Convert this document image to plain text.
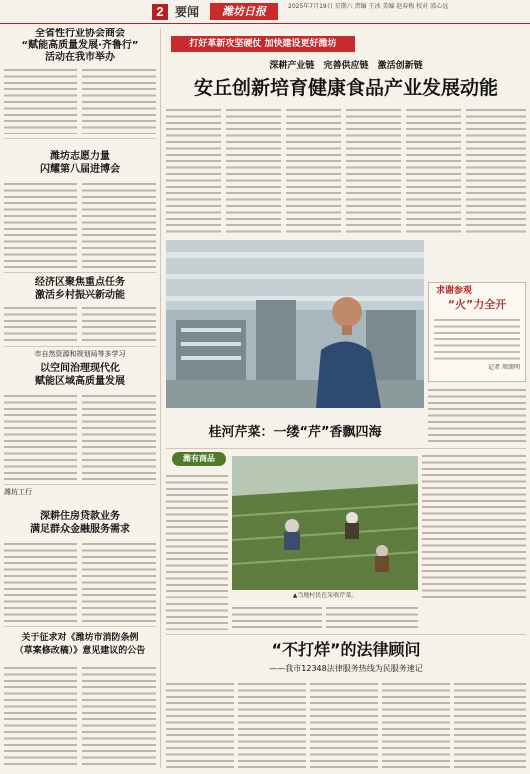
2 要闻	潍坊日报	2025年7月19日 星期六 责编 王冰 美编 赵春梅 校对 邵心远
打好革新攻坚硬仗 加快建设更好潍坊
全省性行业协会商会
“赋能高质量发展·齐鲁行”
活动在我市举办
潍坊志愿力量
闪耀第八届进博会
经济区聚焦重点任务
激活乡村振兴新动能
市自然资源和规划局等多学习
以空间治理现代化
赋能区域高质量发展
潍坊工行
深耕住房贷款业务
满足群众金融服务需求
关于征求对《潍坊市消防条例
（草案修改稿）》意见建议的公告
深耕产业链 完善供应链 激活创新链
安丘创新培育健康食品产业发展动能
求谢参观
“火”力全开
记者 周颂明
桂河芹菜：一缕“芹”香飘四海
潍有商品
▲当地村民在采收芹菜。
“不打烊”的法律顾问
——我市12348法律服务热线为民服务速记
